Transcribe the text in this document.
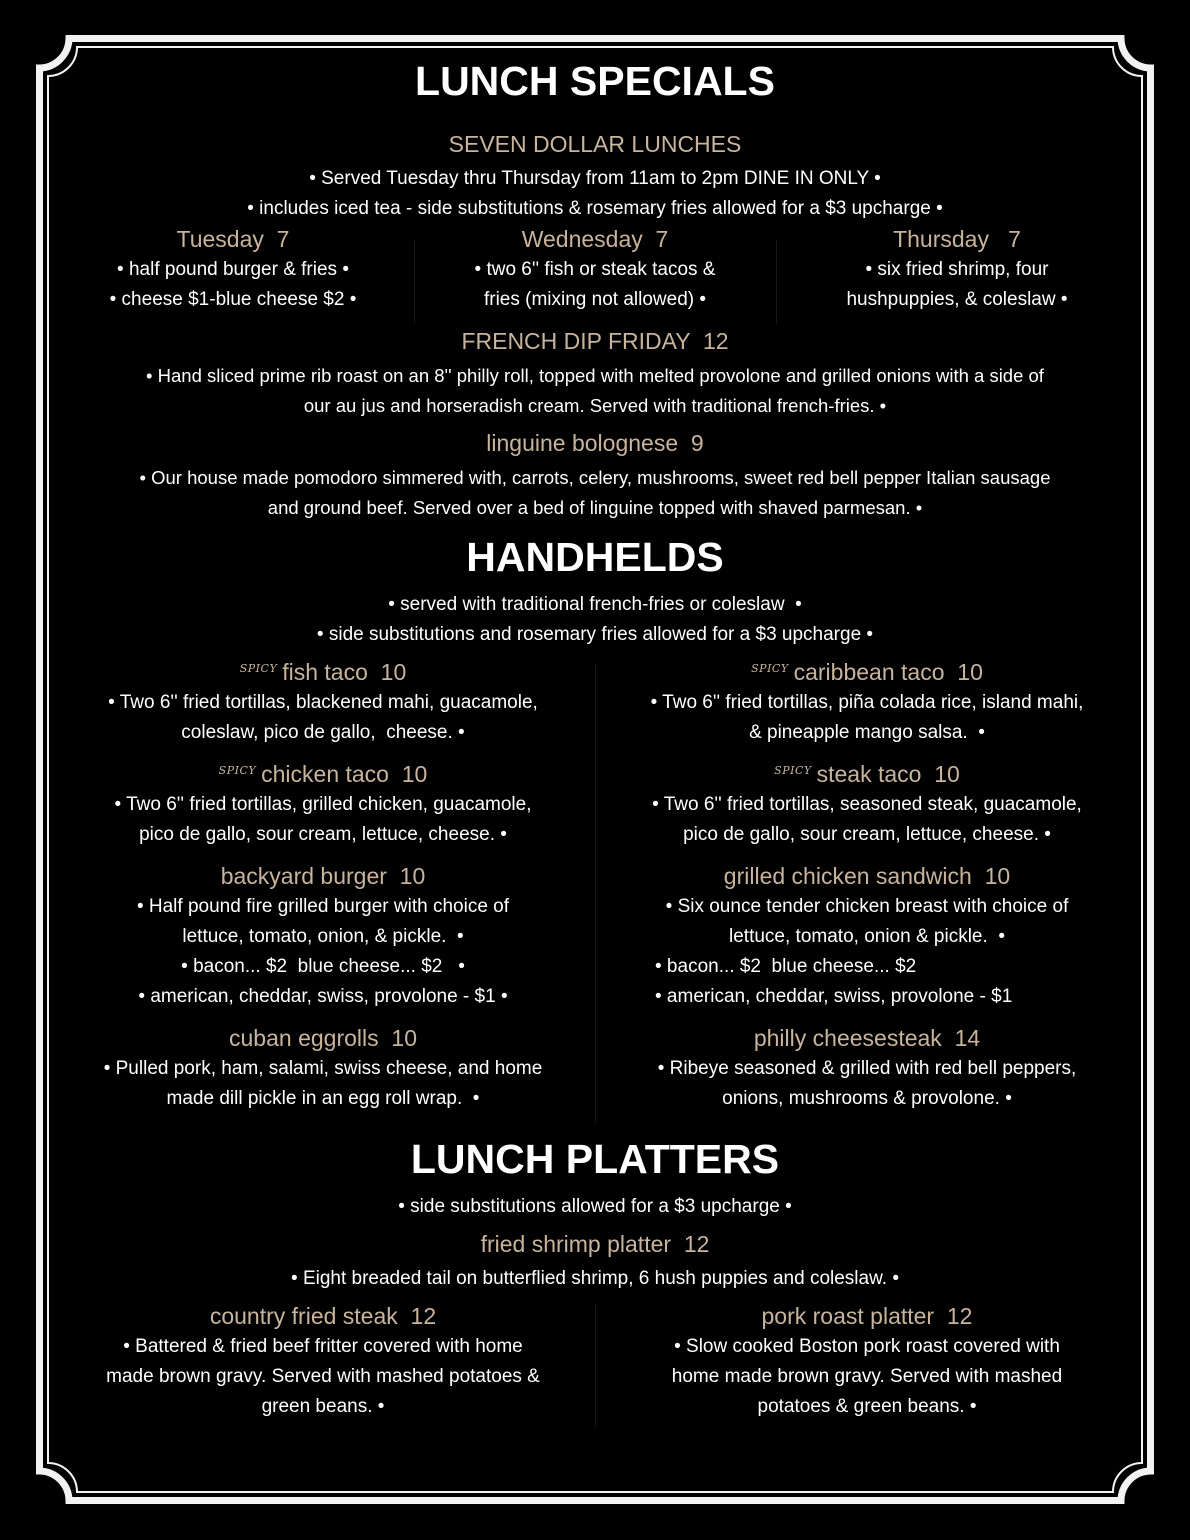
LUNCH SPECIALS
SEVEN DOLLAR LUNCHES
• Served Tuesday thru Thursday from 11am to 2pm DINE IN ONLY •
• includes iced tea - side substitutions & rosemary fries allowed for a $3 upcharge •
Tuesday  7
• half pound burger & fries •
• cheese $1-blue cheese $2 •
Wednesday  7
• two 6'' fish or steak tacos &
fries (mixing not allowed) •
Thursday   7
• six fried shrimp, four
hushpuppies, & coleslaw •
FRENCH DIP FRIDAY  12
• Hand sliced prime rib roast on an 8'' philly roll, topped with melted provolone and grilled onions with a side of
our au jus and horseradish cream. Served with traditional french-fries. •
linguine bolognese  9
• Our house made pomodoro simmered with, carrots, celery, mushrooms, sweet red bell pepper Italian sausage
and ground beef. Served over a bed of linguine topped with shaved parmesan. •
HANDHELDS
• served with traditional french-fries or coleslaw  •
• side substitutions and rosemary fries allowed for a $3 upcharge •
$^{SPICY}$ fish taco  10
• Two 6'' fried tortillas, blackened mahi, guacamole,
coleslaw, pico de gallo,  cheese. •
$^{SPICY}$ chicken taco  10
• Two 6'' fried tortillas, grilled chicken, guacamole,
pico de gallo, sour cream, lettuce, cheese. •
backyard burger  10
• Half pound fire grilled burger with choice of
lettuce, tomato, onion, & pickle.  •
• bacon... $2  blue cheese... $2   •
• american, cheddar, swiss, provolone - $1 •
cuban eggrolls  10
• Pulled pork, ham, salami, swiss cheese, and home
made dill pickle in an egg roll wrap.  •
$^{SPICY}$ caribbean taco  10
• Two 6'' fried tortillas, piña colada rice, island mahi,
& pineapple mango salsa.  •
$^{SPICY}$ steak taco  10
• Two 6'' fried tortillas, seasoned steak, guacamole,
pico de gallo, sour cream, lettuce, cheese. •
grilled chicken sandwich  10
• Six ounce tender chicken breast with choice of
lettuce, tomato, onion & pickle.  •
• bacon... $2  blue cheese... $2
• american, cheddar, swiss, provolone - $1
philly cheesesteak  14
• Ribeye seasoned & grilled with red bell peppers,
onions, mushrooms & provolone. •
LUNCH PLATTERS
• side substitutions allowed for a $3 upcharge •
fried shrimp platter  12
• Eight breaded tail on butterflied shrimp, 6 hush puppies and coleslaw. •
country fried steak  12
• Battered & fried beef fritter covered with home
made brown gravy. Served with mashed potatoes &
green beans. •
pork roast platter  12
• Slow cooked Boston pork roast covered with
home made brown gravy. Served with mashed
potatoes & green beans. •
